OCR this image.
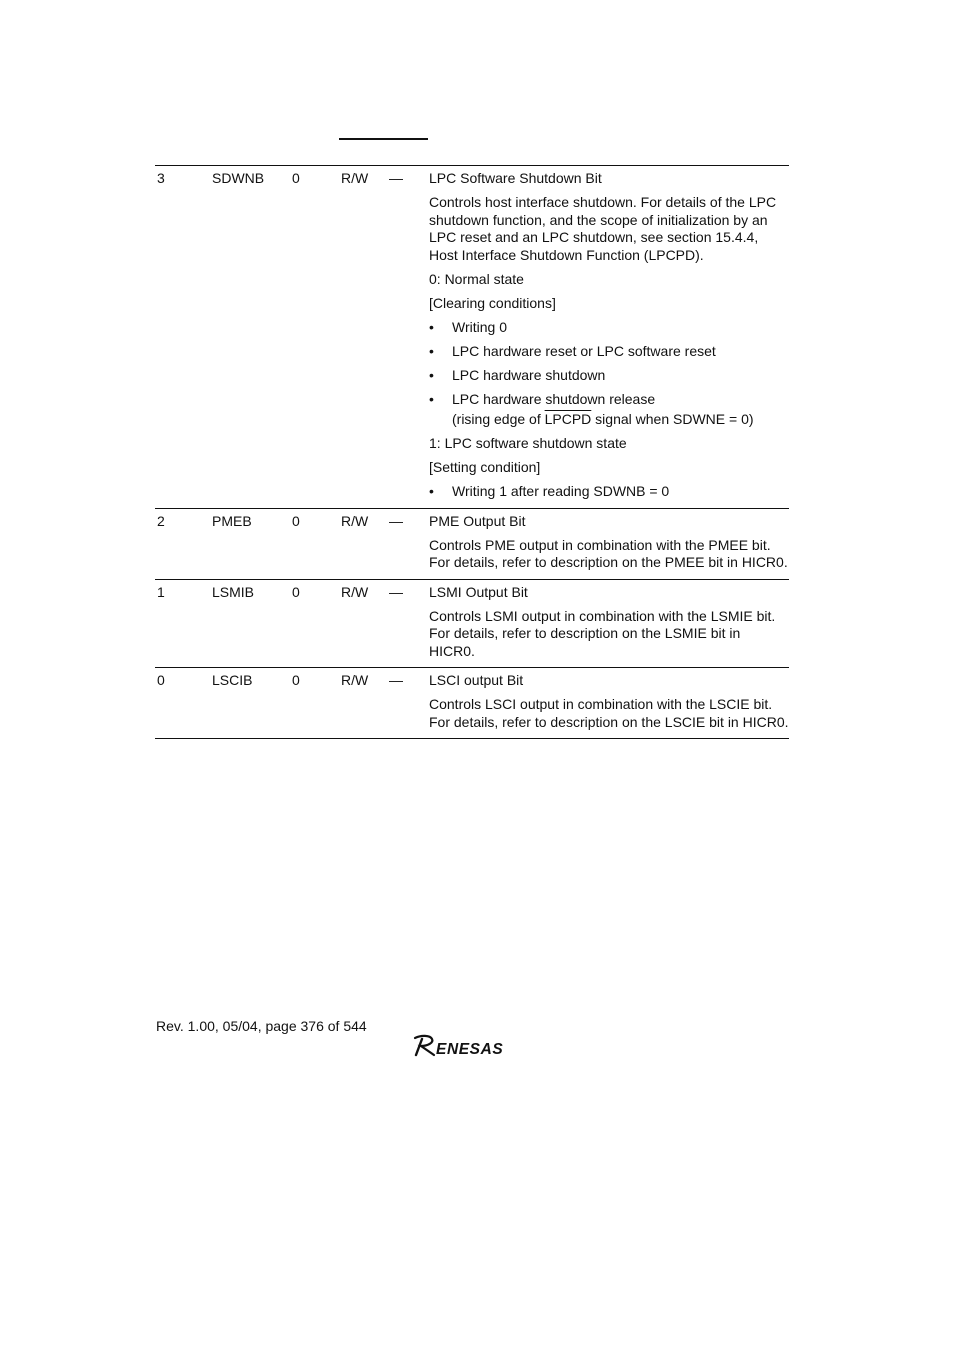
3	SDWNB 0	R/W — LPC Software Shutdown Bit

Controls host interface shutdown. For details of the LPC shutdown function, and the scope of initialization by an LPC reset and an LPC shutdown, see section 15.4.4, Host Interface Shutdown Function (LPCPD).

0: Normal state

[Clearing conditions]

• Writing 0
• LPC hardware reset or LPC software reset
• LPC hardware shutdown
• LPC hardware shutdown release
(rising edge of LPCPD signal when SDWNE = 0)

1: LPC software shutdown state

[Setting condition]

• Writing 1 after reading SDWNB = 0
2	PMEB	0	R/W — PME Output Bit

Controls PME output in combination with the PMEE bit. For details, refer to description on the PMEE bit in HICR0.

1	LSMIB	0	R/W — LSMI Output Bit

Controls LSMI output in combination with the LSMIE bit. For details, refer to description on the LSMIE bit in HICR0.

0	LSCIB	0	R/W — LSCI output Bit

Controls LSCI output in combination with the LSCIE bit. For details, refer to description on the LSCIE bit in HICR0.

Rev. 1.00, 05/04, page 376 of 544
ENESAS
